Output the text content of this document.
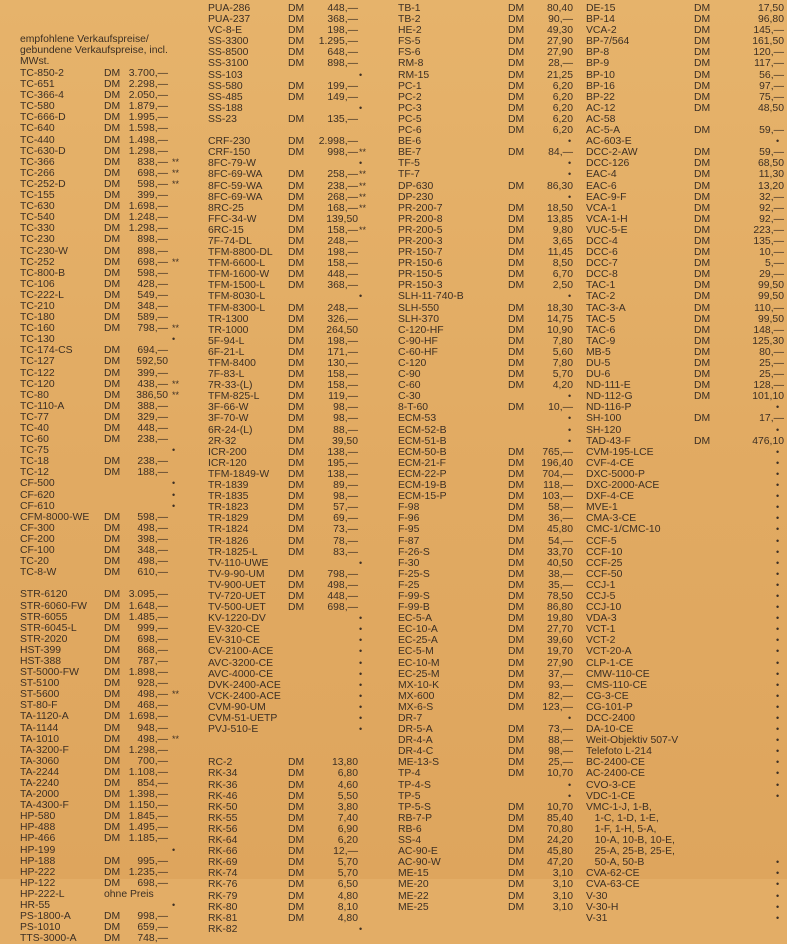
empfohlene Verkaufspreise/
gebundene Verkaufspreise, incl.
MWst.
TC-850-2	DM 3.700,—
TC-651	DM 2.298,—
TC-366-4	DM 2.050,—
TC-580	DM 1.879,—
TC-666-D	DM 1.995,—
TC-640	DM 1.598,—
TC-440	DM 1.498,—
TC-630-D	DM 1.298,—
TC-366	DM 838,— **
TC-266	DM 698,— **
TC-252-D	DM 598,— **
TC-155	DM 399,—
TC-630	DM 1.698,—
TC-540	DM 1.248,—
TC-330	DM 1.298,—
TC-230	DM 898,—
TC-230-W	DM 898,—
TC-252	DM 698,— **
TC-800-B	DM 598,—
TC-106	DM 428,—
TC-222-L	DM 549,—
TC-210	DM 348,—
TC-180	DM 589,—
TC-160	DM 798,— **
TC-130	•
TC-174-CS	DM 694,—
TC-127	DM 592,50
TC-122	DM 399,—
TC-120	DM 438,— **
TC-80	DM 386,50 **
TC-110-A	DM 388,—
TC-77	DM 329,—
TC-40	DM 448,—
TC-60	DM 238,—
TC-75	•
TC-18	DM 238,—
TC-12	DM 188,—
CF-500	•
CF-620	•
CF-610	•
CFM-8000-WE DM 598,—
CF-300	DM 498,—
CF-200	DM 398,—
CF-100	DM 348,—
TC-20	DM 498,—
TC-8-W	DM 610,—
STR-6120	DM 3.095,—
STR-6060-FW DM 1.648,—
STR-6055	DM 1.485,—
STR-6045-L	DM 999,—
STR-2020	DM 698,—
HST-399	DM 868,—
HST-388	DM 787,—
ST-5000-FW DM 1.898,—
ST-5100	DM 928,—
ST-5600	DM 498,— **
ST-80-F	DM 468,—
TA-1120-A	DM 1.698,—
TA-1144	DM 948,—
TA-1010	DM 498,— **
TA-3200-F	DM 1.298,—
TA-3060	DM 700,—
TA-2244	DM 1.108,—
TA-2240	DM 854,—
TA-2000	DM 1.398,—
TA-4300-F	DM 1.150,—
HP-580	DM 1.845,—
HP-488	DM 1.495,—
HP-466	DM 1.185,—
HP-199	•
HP-188	DM 995,—
HP-222	DM 1.235,—
HP-122	DM 698,—
HP-222-L	ohne Preis
HR-55	•
PS-1800-A	DM 998,—
PS-1010	DM 659,—
TTS-3000-A	DM 748,—
PUA-286	DM 448,—
PUA-237	DM 368,—
VC-8-E	DM 198,—
SS-3300	DM 1.295,—
SS-8500	DM 648,—
SS-3100	DM 898,—
SS-103	•
SS-580	DM 199,—
SS-485	DM 149,—
SS-188	•
SS-23	DM 135,—
CRF-230	DM 2.998,—
CRF-150	DM 998,— **
8FC-79-W	•
8FC-69-WA DM 258,— **
8FC-59-WA DM 238,— **
8FC-69-WA DM 268,— **
8RC-25	DM 168,— **
FFC-34-W	DM 139,50
6RC-15	DM 158,— **
7F-74-DL	DM 248,—
TFM-8800-DL DM 198,—
TFM-6600-L DM 158,—
TFM-1600-W DM 448,—
TFM-1500-L DM 368,—
TFM-8030-L	•
TFM-8300-L DM 248,—
TR-1300	DM 326,—
TR-1000	DM 264,50
5F-94-L	DM 198,—
6F-21-L	DM 171,—
TFM-8400	DM 130,—
7F-83-L	DM 158,—
7R-33-(L)	DM 158,—
TFM-825-L	DM 119,—
3F-66-W	DM	98,—
3F-70-W	DM	98,—
6R-24-(L)	DM	88,—
2R-32	DM	39,50
ICR-200	DM 138,—
ICR-120	DM 195,—
TFM-1849-W DM 138,—
TR-1839	DM	89,—
TR-1835	DM	98,—
TR-1823	DM	57,—
TR-1829	DM	69,—
TR-1824	DM	73,—
TR-1826	DM	78,—
TR-1825-L	DM	83,—
TV-110-UWE	•
TV-9-90-UM DM 798,—
TV-900-UET DM 498,—
TV-720-UET DM 448,—
TV-500-UET DM 698,—
KV-1220-DV	•
EV-320-CE	•
EV-310-CE	•
CV-2100-ACE	•
AVC-3200-CE	•
AVC-4000-CE	•
DVK-2400-ACE	•
VCK-2400-ACE	•
CVM-90-UM	•
CVM-51-UETP	•
PVJ-510-E	•
RC-2	DM	13,80
RK-34	DM	6,80
RK-36	DM	4,60
RK-46	DM	5,50
RK-50	DM	3,80
RK-55	DM	7,40
RK-56	DM	6,90
RK-64	DM	6,20
RK-66	DM	12,—
RK-69	DM	5,70
RK-74	DM	5,70
RK-76	DM	6,50
RK-79	DM	4,80
RK-80	DM	8,10
RK-81	DM	4,80
RK-82	•
TB-1	DM 80,40
TB-2	DM 90,—
HE-2	DM 49,30
FS-5	DM 27,90
FS-6	DM 27,90
RM-8	DM 28,—
RM-15	DM 21,25
PC-1	DM	6,20
PC-2	DM	6,20
PC-3	DM	6,20
PC-5	DM	6,20
PC-6	DM	6,20
BE-6	•
BE-7	DM 84,—
TF-5	•
TF-7	•
DP-630	DM 86,30
DP-230	•
PR-200-7	DM 18,50
PR-200-8	DM 13,85
PR-200-5	DM	9,80
PR-200-3	DM	3,65
PR-150-7	DM 11,45
PR-150-6	DM	8,50
PR-150-5	DM	6,70
PR-150-3	DM	2,50
SLH-11-740-B	•
SLH-550	DM 18,30
SLH-370	DM 14,75
C-120-HF	DM 10,90
C-90-HF	DM	7,80
C-60-HF	DM	5,60
C-120	DM	7,80
C-90	DM	5,70
C-60	DM	4,20
C-30	•
8-T-60	DM 10,—
ECM-53	•
ECM-52-B	•
ECM-51-B	•
ECM-50-B	DM 765,—
ECM-21-F	DM 196,40
ECM-22-P	DM 704,—
ECM-19-B	DM 118,—
ECM-15-P	DM 103,—
F-98	DM 58,—
F-96	DM 36,—
F-95	DM 45,80
F-87	DM 54,—
F-26-S	DM 33,70
F-30	DM 40,50
F-25-S	DM 38,—
F-25	DM 35,—
F-99-S	DM 78,50
F-99-B	DM 86,80
EC-5-A	DM 19,80
EC-10-A	DM 27,70
EC-25-A	DM 39,60
EC-5-M	DM 19,70
EC-10-M	DM 27,90
EC-25-M	DM 37,—
MX-10-K	DM 93,—
MX-600	DM 82,—
MX-6-S	DM 123,—
DR-7	•
DR-5-A	DM 73,—
DR-4-A	DM 88,—
DR-4-C	DM 98,—
ME-13-S	DM 25,—
TP-4	DM 10,70
TP-4-S	•
TP-5	•
TP-5-S	DM 10,70
RB-7-P	DM 85,40
RB-6	DM 70,80
SS-4	DM 24,20
AC-90-E	DM 45,80
AC-90-W	DM 47,20
ME-15	DM	3,10
ME-20	DM	3,10
ME-22	DM	3,10
ME-25	DM	3,10
DE-15	DM	17,50
BP-14	DM	96,80
VCA-2	DM	145,—
BP-7/564	DM	161,50
BP-8	DM	120,—
BP-9	DM	117,—
BP-10	DM	56,—
BP-16	DM	97,—
BP-22	DM	75,—
AC-12	DM	48,50
AC-58
AC-5-A	DM	59,—
AC-603-E	•
DCC-2-AW	DM	59,—
DCC-126	DM	68,50
EAC-4	DM	11,30
EAC-6	DM	13,20
EAC-9-F	DM	32,—
VCA-1	DM	92,—
VCA-1-H	DM	92,—
VUC-5-E	DM	223,—
DCC-4	DM	135,—
DCC-6	DM	10,—
DCC-7	DM	5,—
DCC-8	DM	29,—
TAC-1	DM	99,50
TAC-2	DM	99,50
TAC-3-A	DM	110,—
TAC-5	DM	99,50
TAC-6	DM	148,—
TAC-9	DM	125,30
MB-5	DM	80,—
DU-5	DM	25,—
DU-6	DM	25,—
ND-111-E	DM	128,—
ND-112-G	DM	101,10
ND-116-P	•
SH-100	DM	17,—
SH-120	•
TAD-43-F	DM	476,10
CVM-195-LCE	•
CVF-4-CE	•
DXC-5000-P	•
DXC-2000-ACE	•
DXF-4-CE	•
MVE-1	•
CMA-3-CE	•
CMC-1/CMC-10	•
CCF-5	•
CCF-10	•
CCF-25	•
CCF-50	•
CCJ-1	•
CCJ-5	•
CCJ-10	•
VDA-3	•
VCT-1	•
VCT-2	•
VCT-20-A	•
CLP-1-CE	•
CMW-110-CE	•
CMS-110-CE	•
CG-3-CE	•
CG-101-P	•
DCC-2400	•
DA-10-CE	•
Weit-Objektiv 507-V	•
Telefoto L-214	•
BC-2400-CE	•
AC-2400-CE	•
CVO-3-CE	•
VDC-1-CE	•
VMC-1-J, 1-B,
1-C, 1-D, 1-E,
1-F, 1-H, 5-A,
10-A, 10-B, 10-E,
25-A, 25-B, 25-E,
50-A, 50-B	•
CVA-62-CE	•
CVA-63-CE	•
V-30	•
V-30-H	•
V-31	•
